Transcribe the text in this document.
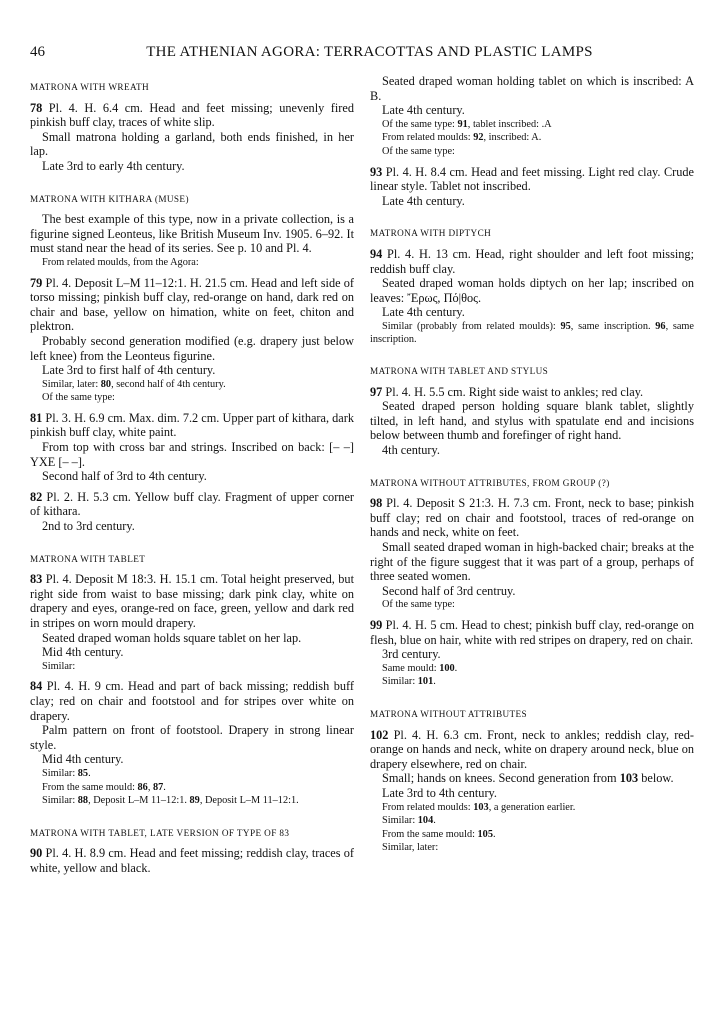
46	THE ATHENIAN AGORA: TERRACOTTAS AND PLASTIC LAMPS
MATRONA WITH WREATH

78 Pl. 4. H. 6.4 cm. Head and feet missing; unevenly fired pinkish buff clay, traces of white slip.

Small matrona holding a garland, both ends finished, in her lap.

Late 3rd to early 4th century.

MATRONA WITH KITHARA (MUSE)

The best example of this type, now in a private collection, is a figurine signed Leonteus, like British Museum Inv. 1905. 6–92. It must stand near the head of its series. See p. 10 and Pl. 4.

From related moulds, from the Agora:

79 Pl. 4. Deposit L–M 11–12:1. H. 21.5 cm. Head and left side of torso missing; pinkish buff clay, red-orange on hand, dark red on chair and base, yellow on himation, white on feet, chiton and plektron.

Probably second generation modified (e.g. drapery just below left knee) from the Leonteus figurine.

Late 3rd to first half of 4th century.

Similar, later: 80, second half of 4th century.
Of the same type:

81 Pl. 3. H. 6.9 cm. Max. dim. 7.2 cm. Upper part of kithara, dark pinkish buff clay, white paint.

From top with cross bar and strings. Inscribed on back: [– –] YXE [– –].

Second half of 3rd to 4th century.

82 Pl. 2. H. 5.3 cm. Yellow buff clay. Fragment of upper corner of kithara.

2nd to 3rd century.

MATRONA WITH TABLET

83 Pl. 4. Deposit M 18:3. H. 15.1 cm. Total height preserved, but right side from waist to base missing; dark pink clay, white on drapery and eyes, orange-red on face, green, yellow and dark red in stripes on worn mould drapery.

Seated draped woman holds square tablet on her lap.

Mid 4th century.

Similar:

84 Pl. 4. H. 9 cm. Head and part of back missing; reddish buff clay; red on chair and footstool and for stripes over white on drapery.

Palm pattern on front of footstool. Drapery in strong linear style.

Mid 4th century.

Similar: 85.
From the same mould: 86, 87.
Similar: 88, Deposit L–M 11–12:1. 89, Deposit L–M 11–12:1.
MATRONA WITH TABLET, LATE VERSION OF TYPE OF 83

90 Pl. 4. H. 8.9 cm. Head and feet missing; reddish clay, traces of white, yellow and black.

Seated draped woman holding tablet on which is inscribed: A B.

Late 4th century.

Of the same type: 91, tablet inscribed: .A
From related moulds: 92, inscribed: A.
Of the same type:

93 Pl. 4. H. 8.4 cm. Head and feet missing. Light red clay. Crude linear style. Tablet not inscribed.

Late 4th century.

MATRONA WITH DIPTYCH

94 Pl. 4. H. 13 cm. Head, right shoulder and left foot missing; reddish buff clay.

Seated draped woman holds diptych on her lap; inscribed on leaves: Ἔρως, Πό|θος.

Late 4th century.

Similar (probably from related moulds): 95, same inscription. 96, same inscription.
MATRONA WITH TABLET AND STYLUS

97 Pl. 4. H. 5.5 cm. Right side waist to ankles; red clay.

Seated draped person holding square blank tablet, slightly tilted, in left hand, and stylus with spatulate end and incisions below between thumb and forefinger of right hand.

4th century.

MATRONA WITHOUT ATTRIBUTES, FROM GROUP (?)

98 Pl. 4. Deposit S 21:3. H. 7.3 cm. Front, neck to base; pinkish buff clay; red on chair and footstool, traces of red-orange on hands and neck, white on feet.

Small seated draped woman in high-backed chair; breaks at the right of the figure suggest that it was part of a group, perhaps of three seated women.

Second half of 3rd centruy.

Of the same type:

99 Pl. 4. H. 5 cm. Head to chest; pinkish buff clay, red-orange on flesh, blue on hair, white with red stripes on drapery, red on chair.

3rd century.

Same mould: 100.
Similar: 101.
MATRONA WITHOUT ATTRIBUTES

102 Pl. 4. H. 6.3 cm. Front, neck to ankles; reddish clay, red-orange on hands and neck, white on drapery around neck, blue on drapery elsewhere, red on chair.

Small; hands on knees. Second generation from 103 below.

Late 3rd to 4th century.

From related moulds: 103, a generation earlier.
Similar: 104.
From the same mould: 105.
Similar, later:
